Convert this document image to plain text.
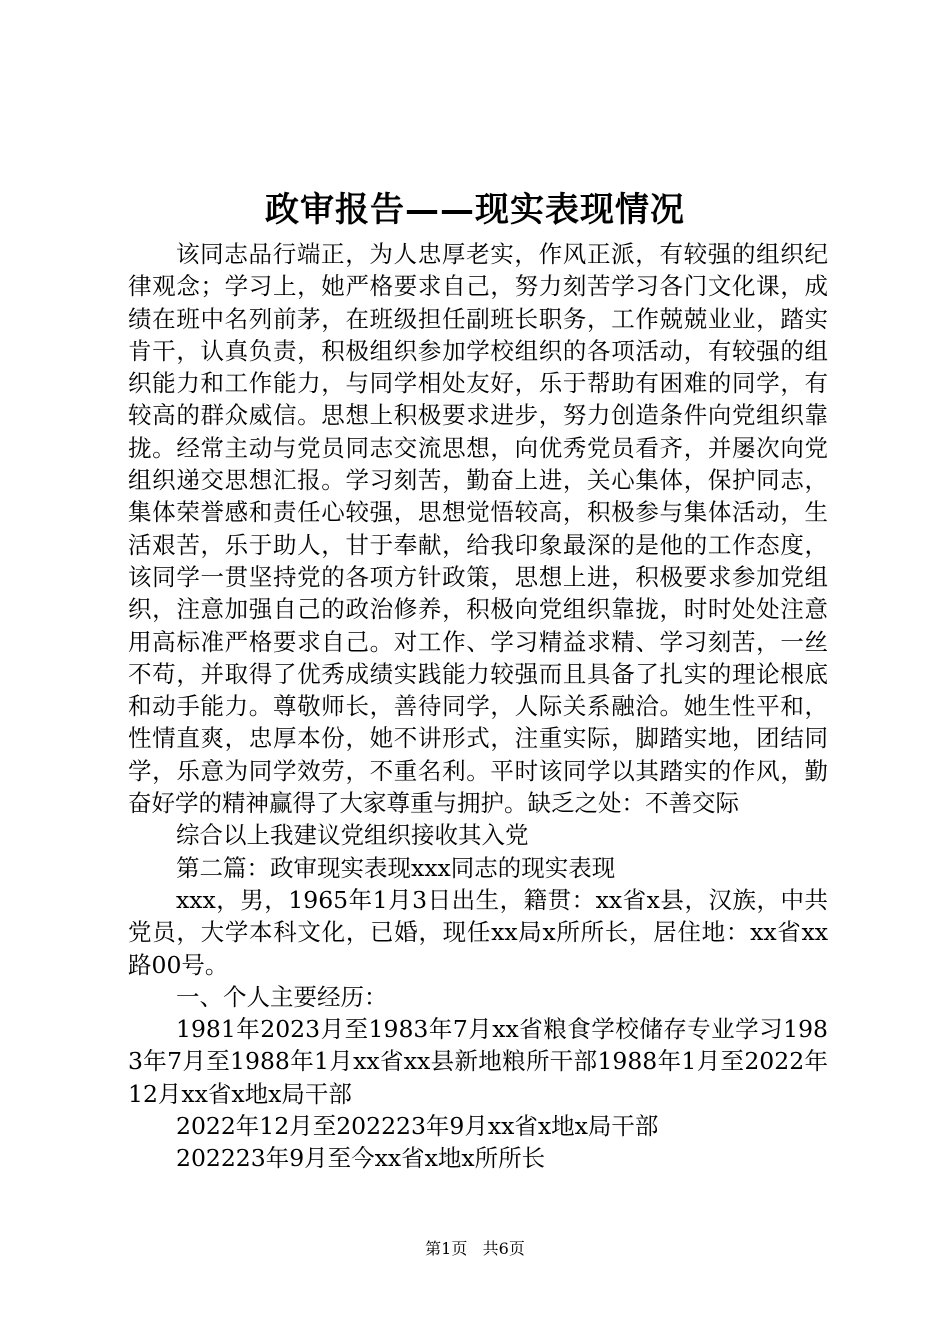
政审报告——现实表现情况

该同志品行端正，为人忠厚老实，作风正派，有较强的组织纪律观念；学习上，她严格要求自己，努力刻苦学习各门文化课，成绩在班中名列前茅，在班级担任副班长职务，工作兢兢业业，踏实肯干，认真负责，积极组织参加学校组织的各项活动，有较强的组织能力和工作能力，与同学相处友好，乐于帮助有困难的同学，有较高的群众威信。思想上积极要求进步，努力创造条件向党组织靠拢。经常主动与党员同志交流思想，向优秀党员看齐，并屡次向党组织递交思想汇报。学习刻苦，勤奋上进，关心集体，保护同志，集体荣誉感和责任心较强，思想觉悟较高，积极参与集体活动，生活艰苦，乐于助人，甘于奉献，给我印象最深的是他的工作态度，该同学一贯坚持党的各项方针政策，思想上进，积极要求参加党组织，注意加强自己的政治修养，积极向党组织靠拢，时时处处注意用高标准严格要求自己。对工作、学习精益求精、学习刻苦，一丝不苟，并取得了优秀成绩实践能力较强而且具备了扎实的理论根底和动手能力。尊敬师长，善待同学，人际关系融洽。她生性平和，性情直爽，忠厚本份，她不讲形式，注重实际，脚踏实地，团结同学，乐意为同学效劳，不重名利。平时该同学以其踏实的作风，勤奋好学的精神赢得了大家尊重与拥护。缺乏之处：不善交际

综合以上我建议党组织接收其入党

第二篇：政审现实表现xxx同志的现实表现

xxx，男，1965年1月3日出生，籍贯：xx省x县，汉族，中共党员，大学本科文化，已婚，现任xx局x所所长，居住地：xx省xx路00号。

一、个人主要经历：

1981年2023月至1983年7月xx省粮食学校储存专业学习1983年7月至1988年1月xx省xx县新地粮所干部1988年1月至2022年12月xx省x地x局干部

2022年12月至202223年9月xx省x地x局干部

202223年9月至今xx省x地x所所长

第1页 共6页
